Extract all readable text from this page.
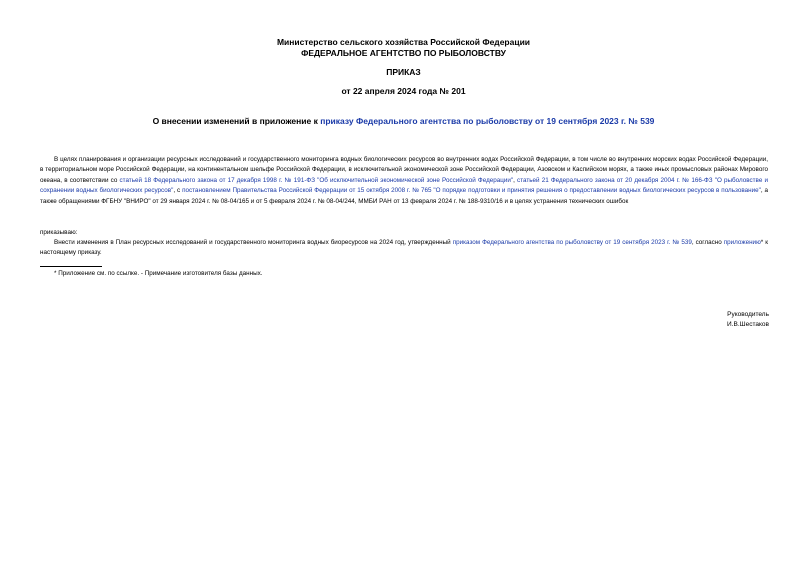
Министерство сельского хозяйства Российской Федерации
ФЕДЕРАЛЬНОЕ АГЕНТСТВО ПО РЫБОЛОВСТВУ
ПРИКАЗ
от 22 апреля 2024 года № 201
О внесении изменений в приложение к приказу Федерального агентства по рыболовству от 19 сентября 2023 г. № 539
В целях планирования и организации ресурсных исследований и государственного мониторинга водных биологических ресурсов во внутренних водах Российской Федерации, в том числе во внутренних морских водах Российской Федерации, в территориальном море Российской Федерации, на континентальном шельфе Российской Федерации, в исключительной экономической зоне Российской Федерации, Азовском и Каспийском морях, а также иных промысловых районах Мирового океана, в соответствии со статьей 18 Федерального закона от 17 декабря 1998 г. № 191-ФЗ "Об исключительной экономической зоне Российской Федерации", статьей 21 Федерального закона от 20 декабря 2004 г. № 166-ФЗ "О рыболовстве и сохранении водных биологических ресурсов", с постановлением Правительства Российской Федерации от 15 октября 2008 г. № 765 "О порядке подготовки и принятия решения о предоставлении водных биологических ресурсов в пользование", а также обращениями ФГБНУ "ВНИРО" от 29 января 2024 г. № 08-04/165 и от 5 февраля 2024 г. № 08-04/244, ММБИ РАН от 13 февраля 2024 г. № 188-9310/16 и в целях устранения технических ошибок
приказываю:
Внести изменения в План ресурсных исследований и государственного мониторинга водных биоресурсов на 2024 год, утвержденный приказом Федерального агентства по рыболовству от 19 сентября 2023 г. № 539, согласно приложению* к настоящему приказу.
* Приложение см. по ссылке. - Примечание изготовителя базы данных.
Руководитель
И.В.Шестаков
